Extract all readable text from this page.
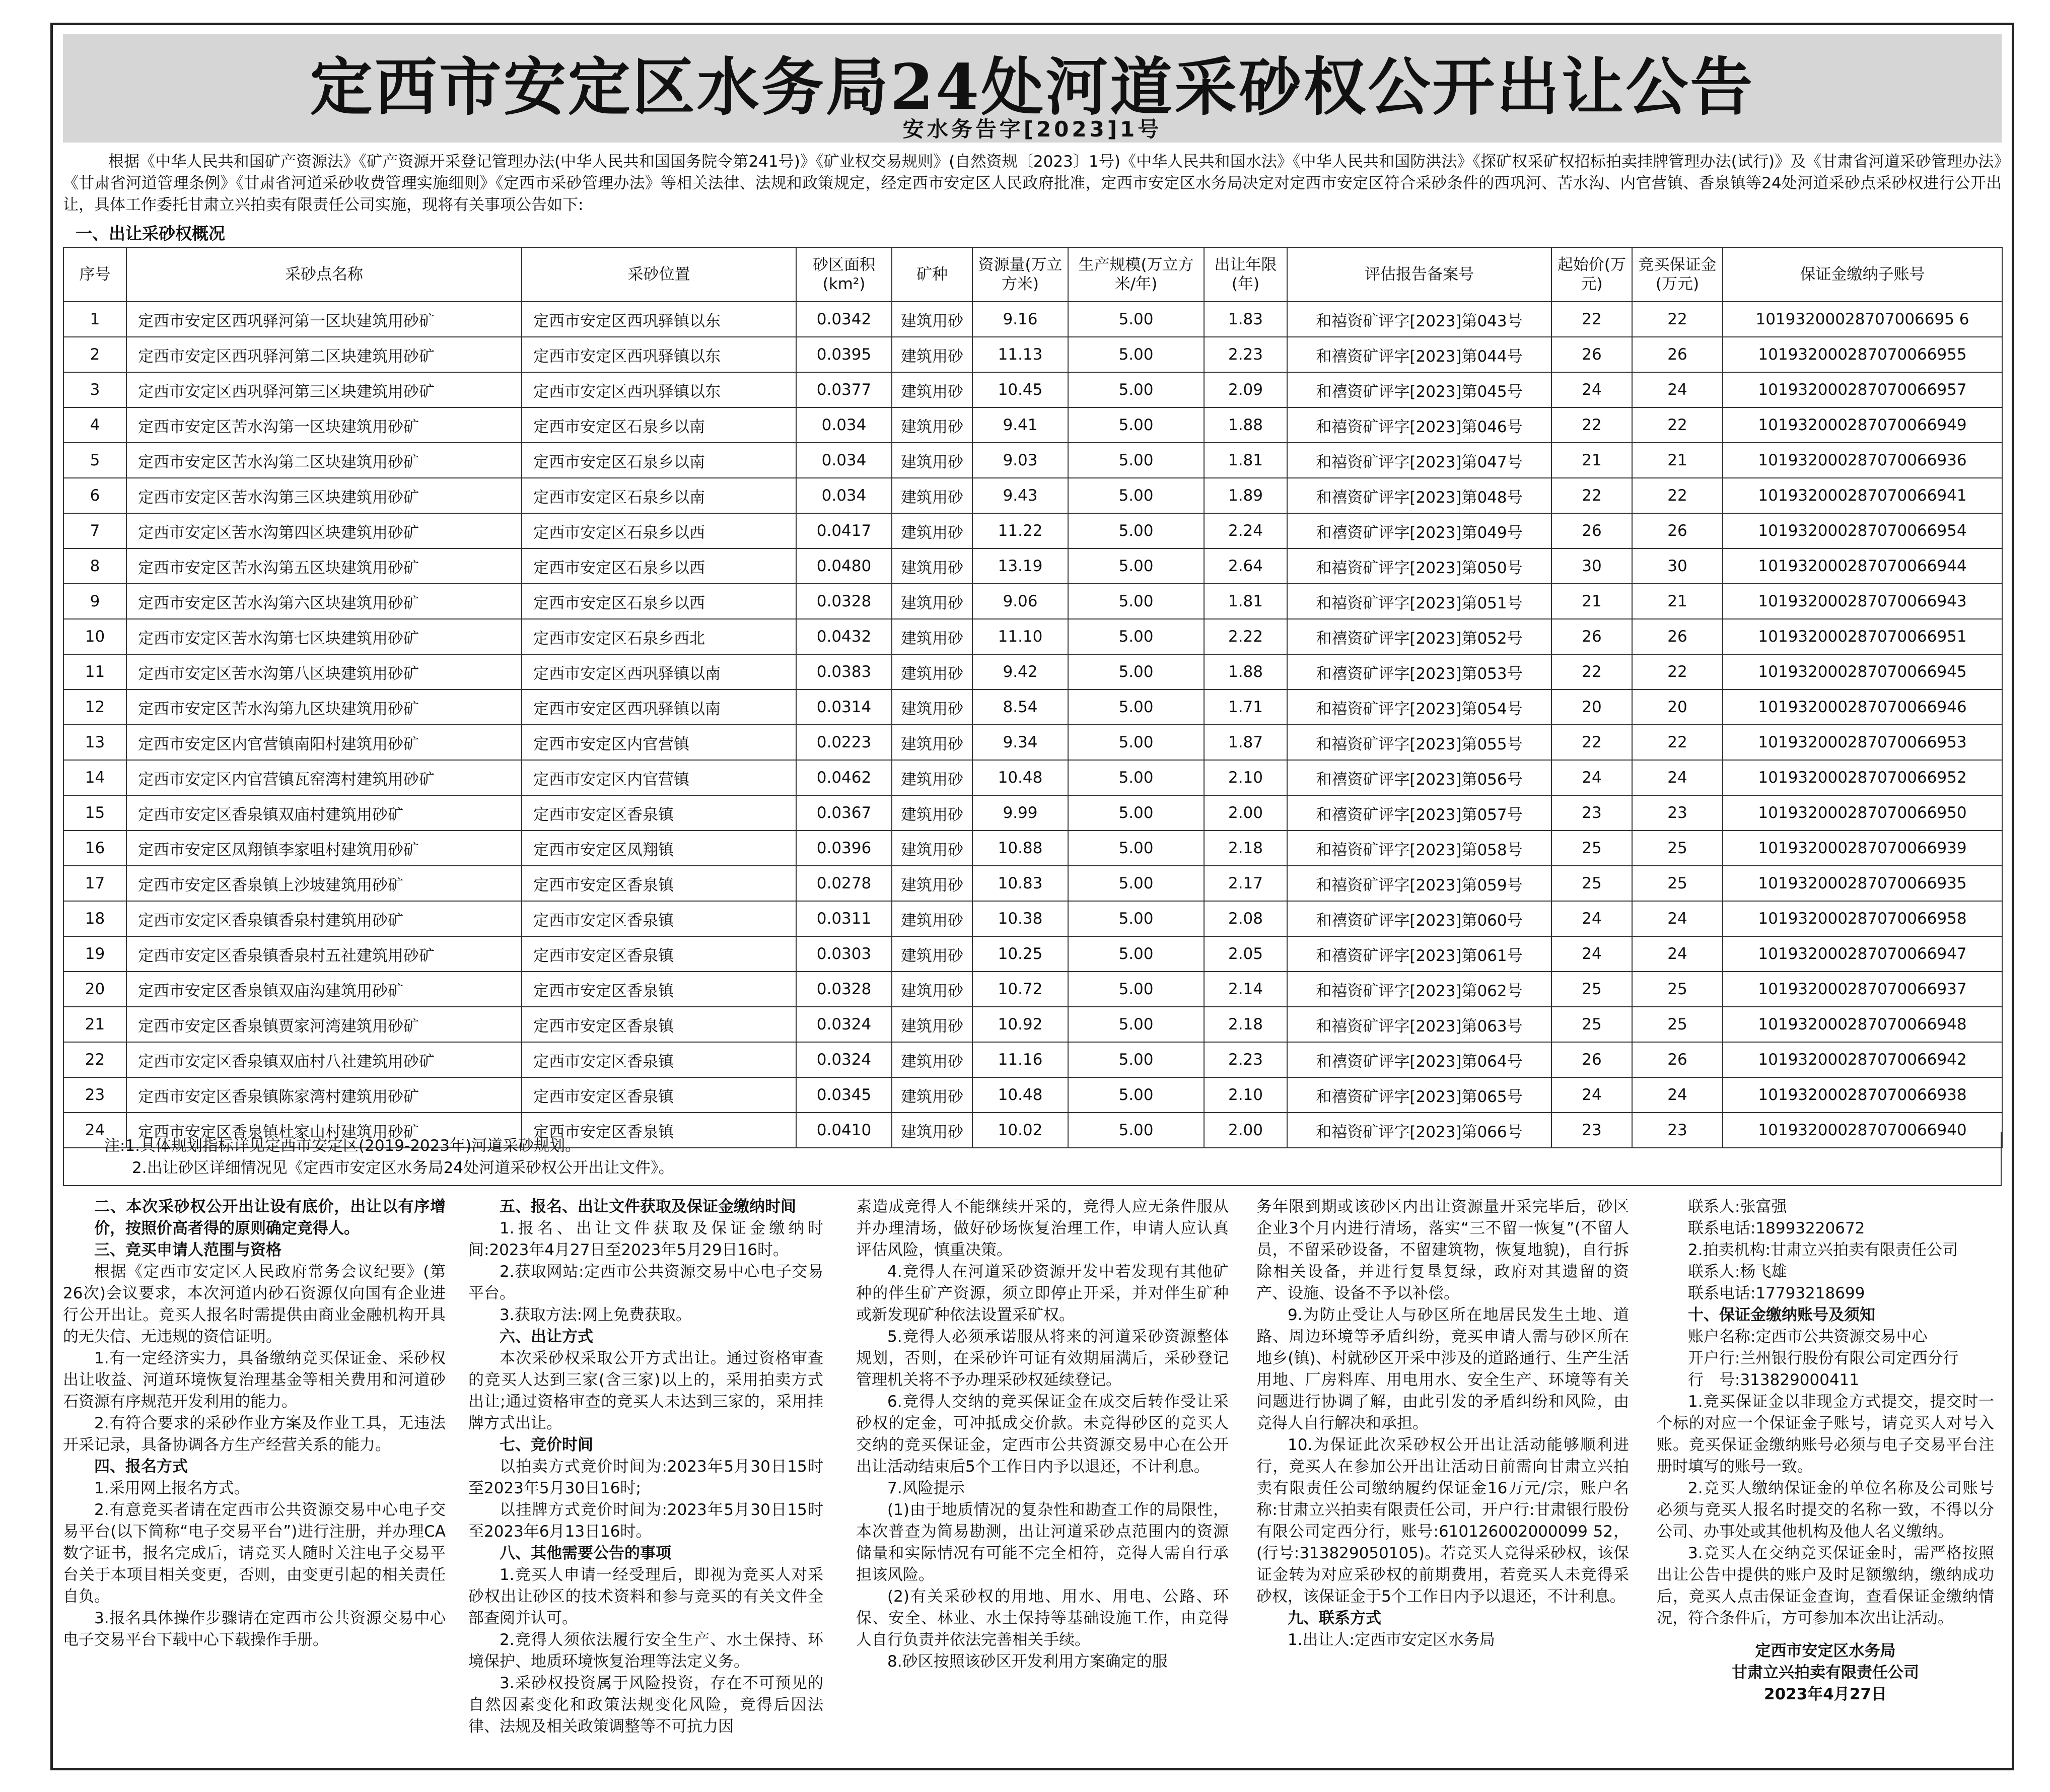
定西市安定区水务局24处河道采砂权公开出让公告
安水务告字[2023]1号
根据《中华人民共和国矿产资源法》《矿产资源开采登记管理办法(中华人民共和国国务院令第241号)》《矿业权交易规则》(自然资规〔2023〕1号)《中华人民共和国水法》《中华人民共和国防洪法》《探矿权采矿权招标拍卖挂牌管理办法(试行)》及《甘肃省河道采砂管理办法》《甘肃省河道管理条例》《甘肃省河道采砂收费管理实施细则》《定西市采砂管理办法》等相关法律、法规和政策规定，经定西市安定区人民政府批准，定西市安定区水务局决定对定西市安定区符合采砂条件的西巩河、苦水沟、内官营镇、香泉镇等24处河道采砂点采砂权进行公开出让，具体工作委托甘肃立兴拍卖有限责任公司实施，现将有关事项公告如下:
一、出让采砂权概况
序号	采砂点名称	采砂位置	砂区面积(km²)	矿种	资源量(万立方米)	生产规模(万立方米/年)	出让年限(年)	评估报告备案号	起始价(万元)	竞买保证金(万元)	保证金缴纳子账号
1	定西市安定区西巩驿河第一区块建筑用砂矿	定西市安定区西巩驿镇以东	0.0342	建筑用砂	9.16	5.00	1.83	和禧资矿评字[2023]第043号	22	22	10193200028707006695 6
2	定西市安定区西巩驿河第二区块建筑用砂矿	定西市安定区西巩驿镇以东	0.0395	建筑用砂	11.13	5.00	2.23	和禧资矿评字[2023]第044号	26	26	101932000287070066955
3	定西市安定区西巩驿河第三区块建筑用砂矿	定西市安定区西巩驿镇以东	0.0377	建筑用砂	10.45	5.00	2.09	和禧资矿评字[2023]第045号	24	24	101932000287070066957
4	定西市安定区苦水沟第一区块建筑用砂矿	定西市安定区石泉乡以南	0.034	建筑用砂	9.41	5.00	1.88	和禧资矿评字[2023]第046号	22	22	101932000287070066949
5	定西市安定区苦水沟第二区块建筑用砂矿	定西市安定区石泉乡以南	0.034	建筑用砂	9.03	5.00	1.81	和禧资矿评字[2023]第047号	21	21	101932000287070066936
6	定西市安定区苦水沟第三区块建筑用砂矿	定西市安定区石泉乡以南	0.034	建筑用砂	9.43	5.00	1.89	和禧资矿评字[2023]第048号	22	22	101932000287070066941
7	定西市安定区苦水沟第四区块建筑用砂矿	定西市安定区石泉乡以西	0.0417	建筑用砂	11.22	5.00	2.24	和禧资矿评字[2023]第049号	26	26	101932000287070066954
8	定西市安定区苦水沟第五区块建筑用砂矿	定西市安定区石泉乡以西	0.0480	建筑用砂	13.19	5.00	2.64	和禧资矿评字[2023]第050号	30	30	101932000287070066944
9	定西市安定区苦水沟第六区块建筑用砂矿	定西市安定区石泉乡以西	0.0328	建筑用砂	9.06	5.00	1.81	和禧资矿评字[2023]第051号	21	21	101932000287070066943
10	定西市安定区苦水沟第七区块建筑用砂矿	定西市安定区石泉乡西北	0.0432	建筑用砂	11.10	5.00	2.22	和禧资矿评字[2023]第052号	26	26	101932000287070066951
11	定西市安定区苦水沟第八区块建筑用砂矿	定西市安定区西巩驿镇以南	0.0383	建筑用砂	9.42	5.00	1.88	和禧资矿评字[2023]第053号	22	22	101932000287070066945
12	定西市安定区苦水沟第九区块建筑用砂矿	定西市安定区西巩驿镇以南	0.0314	建筑用砂	8.54	5.00	1.71	和禧资矿评字[2023]第054号	20	20	101932000287070066946
13	定西市安定区内官营镇南阳村建筑用砂矿	定西市安定区内官营镇	0.0223	建筑用砂	9.34	5.00	1.87	和禧资矿评字[2023]第055号	22	22	101932000287070066953
14	定西市安定区内官营镇瓦窑湾村建筑用砂矿	定西市安定区内官营镇	0.0462	建筑用砂	10.48	5.00	2.10	和禧资矿评字[2023]第056号	24	24	101932000287070066952
15	定西市安定区香泉镇双庙村建筑用砂矿	定西市安定区香泉镇	0.0367	建筑用砂	9.99	5.00	2.00	和禧资矿评字[2023]第057号	23	23	101932000287070066950
16	定西市安定区凤翔镇李家咀村建筑用砂矿	定西市安定区凤翔镇	0.0396	建筑用砂	10.88	5.00	2.18	和禧资矿评字[2023]第058号	25	25	101932000287070066939
17	定西市安定区香泉镇上沙坡建筑用砂矿	定西市安定区香泉镇	0.0278	建筑用砂	10.83	5.00	2.17	和禧资矿评字[2023]第059号	25	25	101932000287070066935
18	定西市安定区香泉镇香泉村建筑用砂矿	定西市安定区香泉镇	0.0311	建筑用砂	10.38	5.00	2.08	和禧资矿评字[2023]第060号	24	24	101932000287070066958
19	定西市安定区香泉镇香泉村五社建筑用砂矿	定西市安定区香泉镇	0.0303	建筑用砂	10.25	5.00	2.05	和禧资矿评字[2023]第061号	24	24	101932000287070066947
20	定西市安定区香泉镇双庙沟建筑用砂矿	定西市安定区香泉镇	0.0328	建筑用砂	10.72	5.00	2.14	和禧资矿评字[2023]第062号	25	25	101932000287070066937
21	定西市安定区香泉镇贾家河湾建筑用砂矿	定西市安定区香泉镇	0.0324	建筑用砂	10.92	5.00	2.18	和禧资矿评字[2023]第063号	25	25	101932000287070066948
22	定西市安定区香泉镇双庙村八社建筑用砂矿	定西市安定区香泉镇	0.0324	建筑用砂	11.16	5.00	2.23	和禧资矿评字[2023]第064号	26	26	101932000287070066942
23	定西市安定区香泉镇陈家湾村建筑用砂矿	定西市安定区香泉镇	0.0345	建筑用砂	10.48	5.00	2.10	和禧资矿评字[2023]第065号	24	24	101932000287070066938
24	定西市安定区香泉镇杜家山村建筑用砂矿	定西市安定区香泉镇	0.0410	建筑用砂	10.02	5.00	2.00	和禧资矿评字[2023]第066号	23	23	101932000287070066940
注:1.具体规划指标详见定西市安定区(2019-2023年)河道采砂规划。
2.出让砂区详细情况见《定西市安定区水务局24处河道采砂权公开出让文件》。

二、本次采砂权公开出让设有底价，出让以有序增价，按照价高者得的原则确定竞得人。

三、竞买申请人范围与资格

根据《定西市安定区人民政府常务会议纪要》(第26次)会议要求，本次河道内砂石资源仅向国有企业进行公开出让。竞买人报名时需提供由商业金融机构开具的无失信、无违规的资信证明。

1.有一定经济实力，具备缴纳竞买保证金、采砂权出让收益、河道环境恢复治理基金等相关费用和河道砂石资源有序规范开发利用的能力。

2.有符合要求的采砂作业方案及作业工具，无违法开采记录，具备协调各方生产经营关系的能力。

四、报名方式

1.采用网上报名方式。

2.有意竞买者请在定西市公共资源交易中心电子交易平台(以下简称“电子交易平台”)进行注册，并办理CA数字证书，报名完成后，请竞买人随时关注电子交易平台关于本项目相关变更，否则，由变更引起的相关责任自负。

3.报名具体操作步骤请在定西市公共资源交易中心电子交易平台下载中心下载操作手册。

五、报名、出让文件获取及保证金缴纳时间

1.报名、出让文件获取及保证金缴纳时间:2023年4月27日至2023年5月29日16时。

2.获取网站:定西市公共资源交易中心电子交易平台。

3.获取方法:网上免费获取。

六、出让方式

本次采砂权采取公开方式出让。通过资格审查的竞买人达到三家(含三家)以上的，采用拍卖方式出让;通过资格审查的竞买人未达到三家的，采用挂牌方式出让。

七、竞价时间

以拍卖方式竞价时间为:2023年5月30日15时至2023年5月30日16时;

以挂牌方式竞价时间为:2023年5月30日15时至2023年6月13日16时。

八、其他需要公告的事项

1.竞买人申请一经受理后，即视为竞买人对采砂权出让砂区的技术资料和参与竞买的有关文件全部查阅并认可。

2.竞得人须依法履行安全生产、水土保持、环境保护、地质环境恢复治理等法定义务。

3.采砂权投资属于风险投资，存在不可预见的自然因素变化和政策法规变化风险，竞得后因法律、法规及相关政策调整等不可抗力因

素造成竞得人不能继续开采的，竞得人应无条件服从并办理清场，做好砂场恢复治理工作，申请人应认真评估风险，慎重决策。

4.竞得人在河道采砂资源开发中若发现有其他矿种的伴生矿产资源，须立即停止开采，并对伴生矿种或新发现矿种依法设置采矿权。

5.竞得人必须承诺服从将来的河道采砂资源整体规划，否则，在采砂许可证有效期届满后，采砂登记管理机关将不予办理采砂权延续登记。

6.竞得人交纳的竞买保证金在成交后转作受让采砂权的定金，可冲抵成交价款。未竞得砂区的竞买人交纳的竞买保证金，定西市公共资源交易中心在公开出让活动结束后5个工作日内予以退还，不计利息。

7.风险提示

(1)由于地质情况的复杂性和勘查工作的局限性，本次普查为简易勘测，出让河道采砂点范围内的资源储量和实际情况有可能不完全相符，竞得人需自行承担该风险。

(2)有关采砂权的用地、用水、用电、公路、环保、安全、林业、水土保持等基础设施工作，由竞得人自行负责并依法完善相关手续。

8.砂区按照该砂区开发利用方案确定的服

务年限到期或该砂区内出让资源量开采完毕后，砂区企业3个月内进行清场，落实“三不留一恢复”(不留人员，不留采砂设备，不留建筑物，恢复地貌)，自行拆除相关设备，并进行复垦复绿，政府对其遗留的资产、设施、设备不予以补偿。

9.为防止受让人与砂区所在地居民发生土地、道路、周边环境等矛盾纠纷，竞买申请人需与砂区所在地乡(镇)、村就砂区开采中涉及的道路通行、生产生活用地、厂房料库、用电用水、安全生产、环境等有关问题进行协调了解，由此引发的矛盾纠纷和风险，由竞得人自行解决和承担。

10.为保证此次采砂权公开出让活动能够顺利进行，竞买人在参加公开出让活动日前需向甘肃立兴拍卖有限责任公司缴纳履约保证金16万元/宗，账户名称:甘肃立兴拍卖有限责任公司，开户行:甘肃银行股份有限公司定西分行，账号:610126002000099 52，(行号:313829050105)。若竞买人竞得采砂权，该保证金转为对应采砂权的前期费用，若竞买人未竞得采砂权，该保证金于5个工作日内予以退还，不计利息。

九、联系方式

1.出让人:定西市安定区水务局

联系人:张富强

联系电话:18993220672

2.拍卖机构:甘肃立兴拍卖有限责任公司

联系人:杨飞雄

联系电话:17793218699

十、保证金缴纳账号及须知

账户名称:定西市公共资源交易中心

开户行:兰州银行股份有限公司定西分行

行　号:313829000411

1.竞买保证金以非现金方式提交，提交时一个标的对应一个保证金子账号，请竞买人对号入账。竞买保证金缴纳账号必须与电子交易平台注册时填写的账号一致。

2.竞买人缴纳保证金的单位名称及公司账号必须与竞买人报名时提交的名称一致，不得以分公司、办事处或其他机构及他人名义缴纳。

3.竞买人在交纳竞买保证金时，需严格按照出让公告中提供的账户及时足额缴纳，缴纳成功后，竞买人点击保证金查询，查看保证金缴纳情况，符合条件后，方可参加本次出让活动。

定西市安定区水务局

甘肃立兴拍卖有限责任公司

2023年4月27日
